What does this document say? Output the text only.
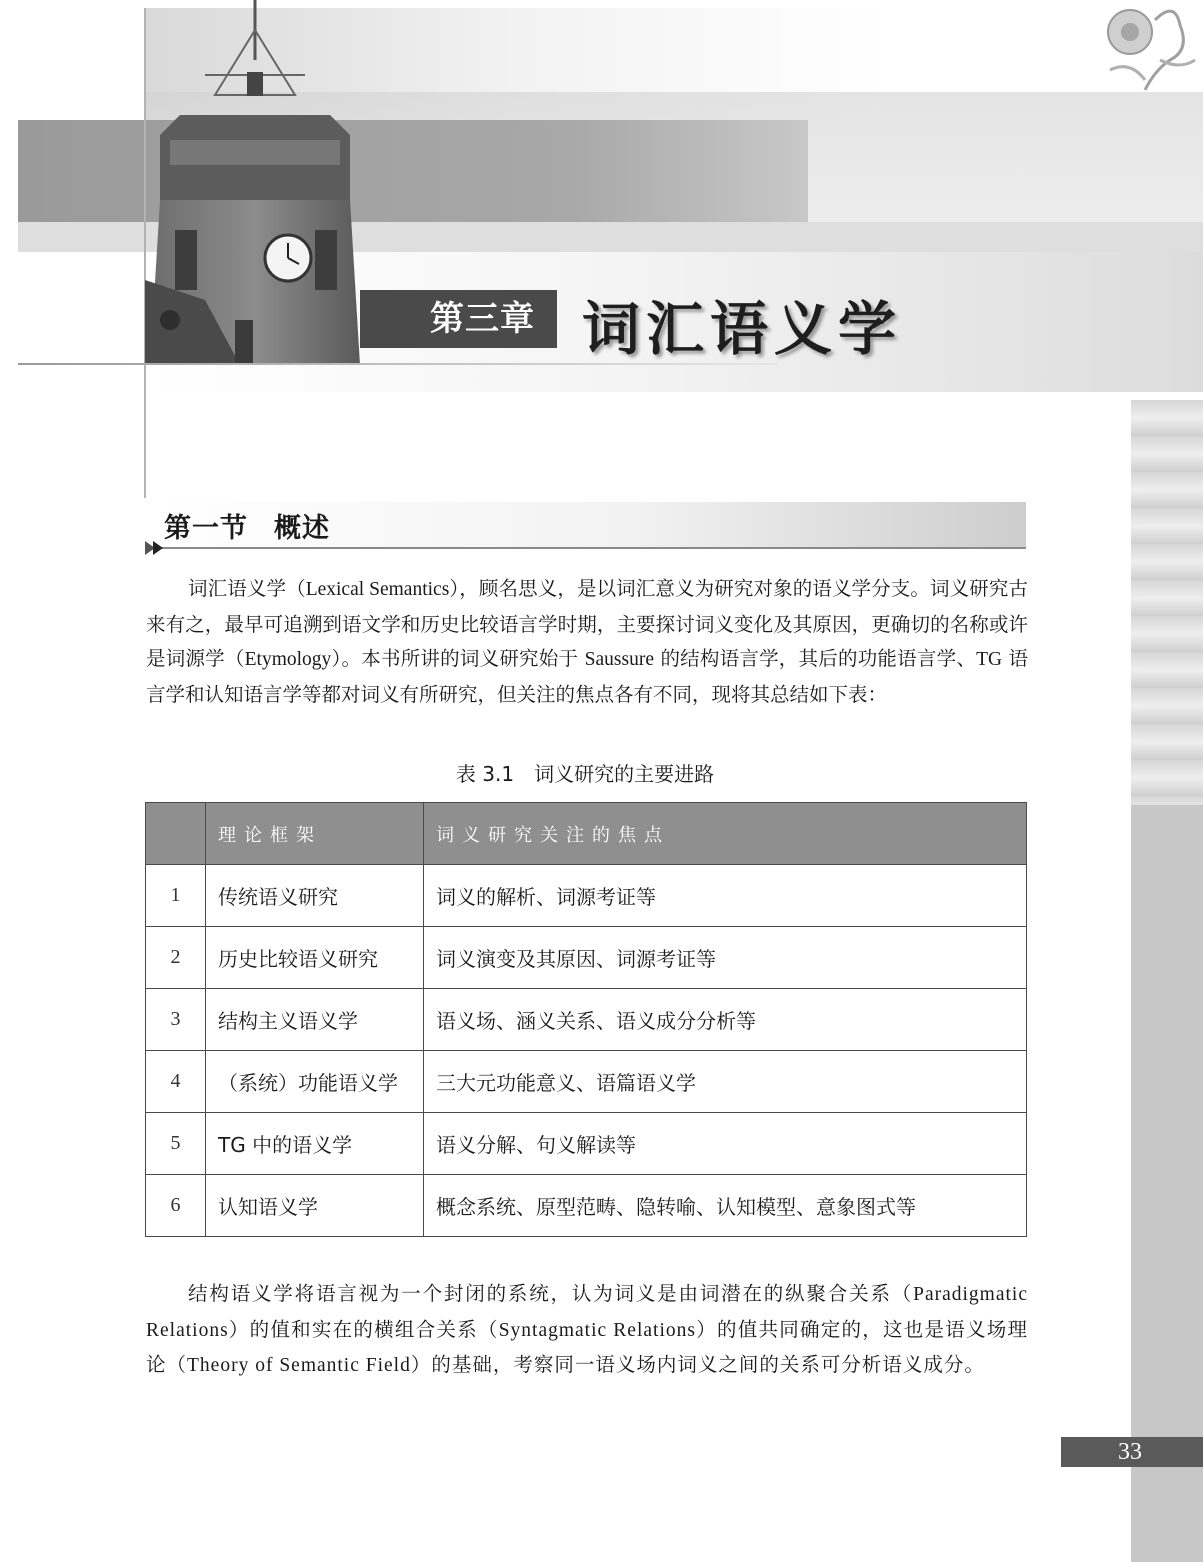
第三章 词汇语义学
第一节 概述

词汇语义学（Lexical Semantics），顾名思义，是以词汇意义为研究对象的语义学分支。词义研究古来有之，最早可追溯到语文学和历史比较语言学时期，主要探讨词义变化及其原因，更确切的名称或许是词源学（Etymology）。本书所讲的词义研究始于 Saussure 的结构语言学，其后的功能语言学、TG 语言学和认知语言学等都对词义有所研究，但关注的焦点各有不同，现将其总结如下表：

表 3.1 词义研究的主要进路
	理论框架	词义研究关注的焦点
1	传统语义研究	词义的解析、词源考证等
2	历史比较语义研究	词义演变及其原因、词源考证等
3	结构主义语义学	语义场、涵义关系、语义成分分析等
4	（系统）功能语义学	三大元功能意义、语篇语义学
5	TG 中的语义学	语义分解、句义解读等
6	认知语义学	概念系统、原型范畴、隐转喻、认知模型、意象图式等

结构语义学将语言视为一个封闭的系统，认为词义是由词潜在的纵聚合关系（Paradigmatic Relations）的值和实在的横组合关系（Syntagmatic Relations）的值共同确定的，这也是语义场理论（Theory of Semantic Field）的基础，考察同一语义场内词义之间的关系可分析语义成分。

33
